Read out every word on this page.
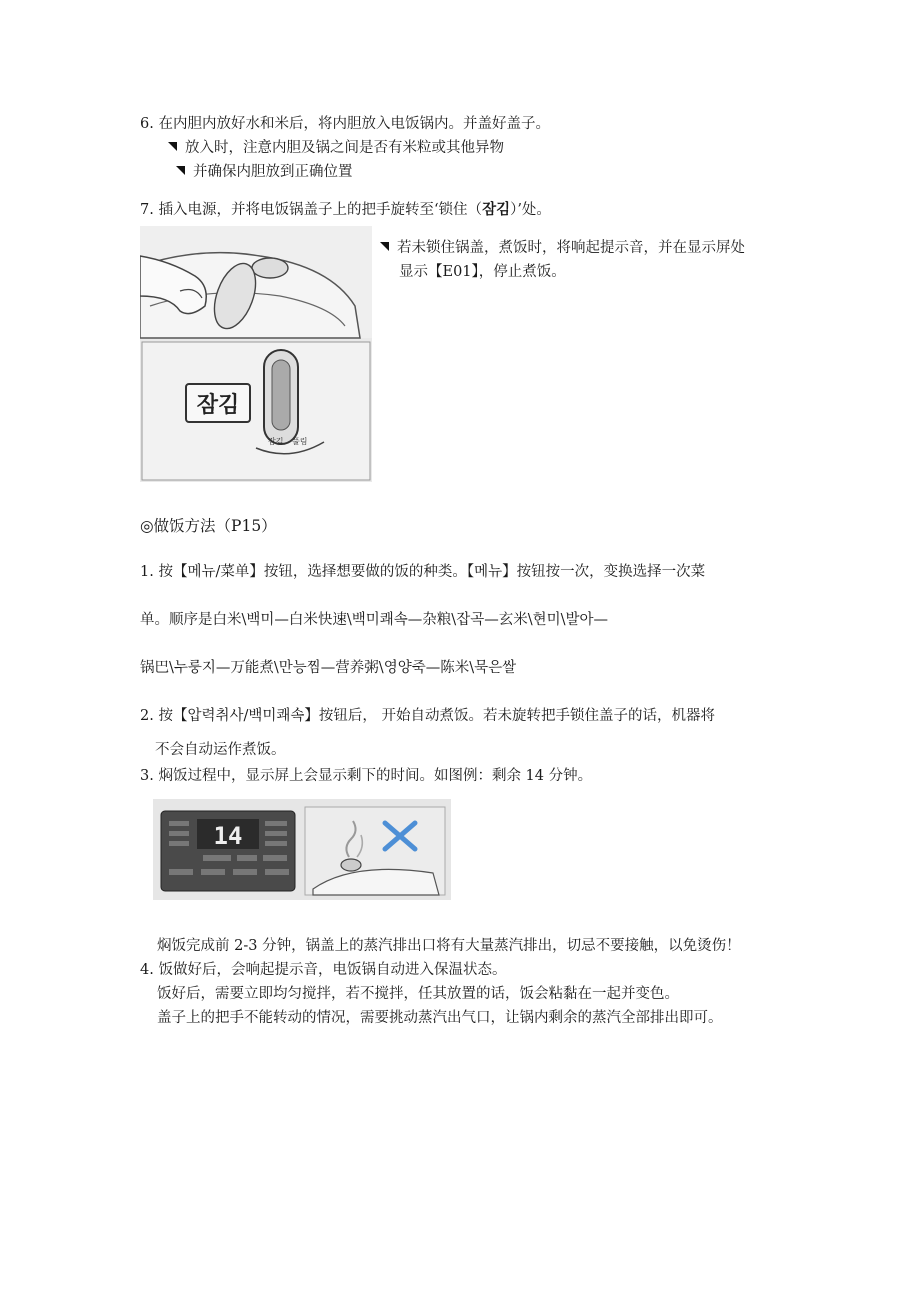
6. 在内胆内放好水和米后，将内胆放入电饭锅内。并盖好盖子。
放入时，注意内胆及锅之间是否有米粒或其他异物
并确保内胆放到正确位置
7. 插入电源，并将电饭锅盖子上的把手旋转至‘锁住（잠김）’处。
잠김
잠김 풀림
若未锁住锅盖，煮饭时，将响起提示音，并在显示屏处
显示【E01】，停止煮饭。
◎做饭方法（P15）
1. 按【메뉴/菜单】按钮，选择想要做的饭的种类。【메뉴】按钮按一次，变换选择一次菜
单。顺序是白米\백미—白米快速\백미쾌속—杂粮\잡곡—玄米\현미\발아—
锅巴\누룽지—万能煮\만능찜—营养粥\영양죽—陈米\묵은쌀
2. 按【압력취사/백미쾌속】按钮后， 开始自动煮饭。若未旋转把手锁住盖子的话，机器将
不会自动运作煮饭。
3. 焖饭过程中，显示屏上会显示剩下的时间。如图例：剩余 14 分钟。
14
焖饭完成前 2-3 分钟，锅盖上的蒸汽排出口将有大量蒸汽排出，切忌不要接触，以免烫伤！
4. 饭做好后，会响起提示音，电饭锅自动进入保温状态。
饭好后，需要立即均匀搅拌，若不搅拌，任其放置的话，饭会粘黏在一起并变色。
盖子上的把手不能转动的情况，需要挑动蒸汽出气口，让锅内剩余的蒸汽全部排出即可。
